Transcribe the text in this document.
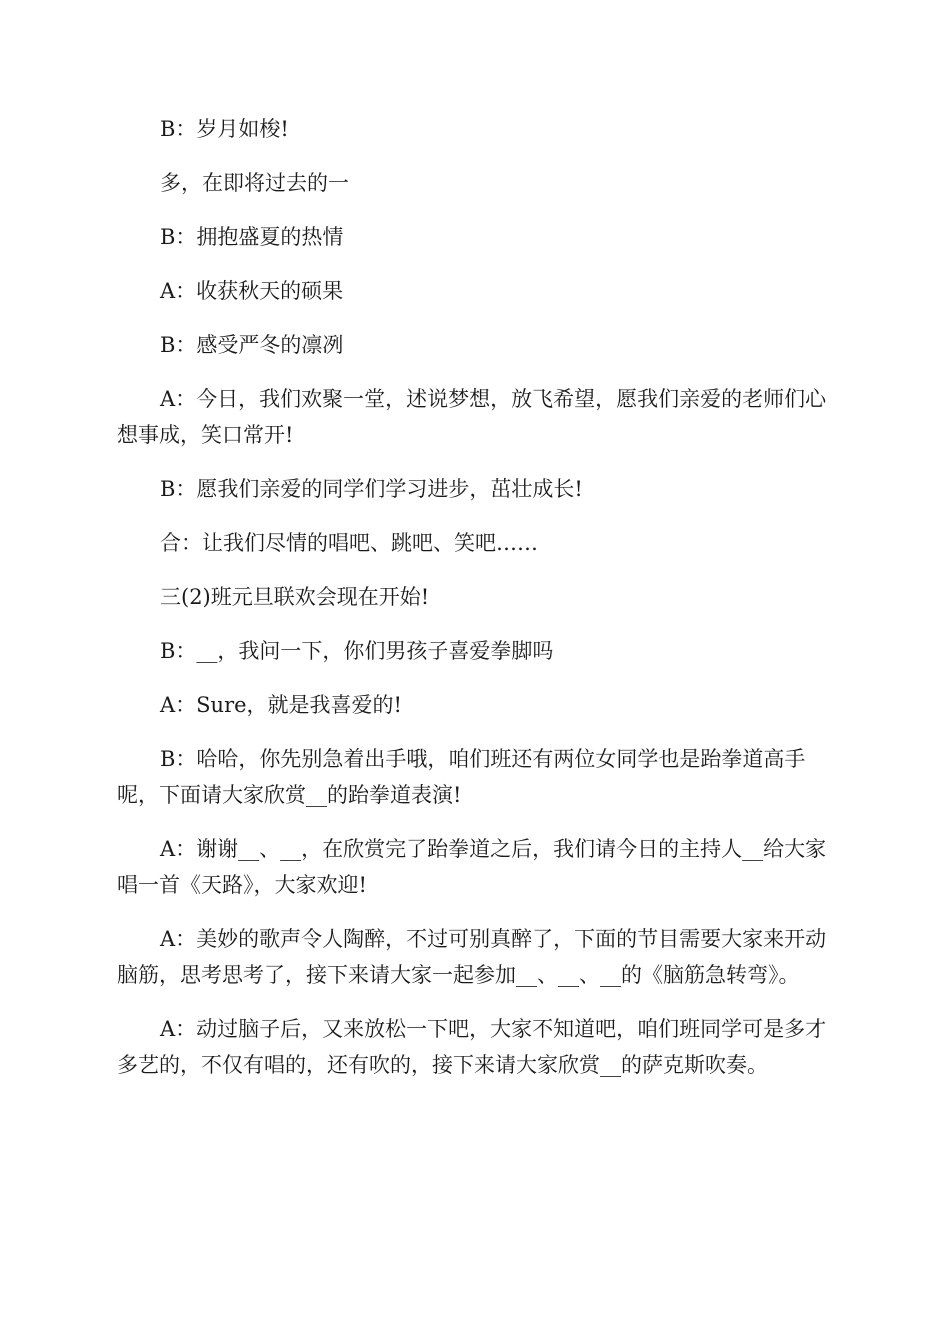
B：岁月如梭!

多，在即将过去的一

B：拥抱盛夏的热情

A：收获秋天的硕果

B：感受严冬的凛冽

A：今日，我们欢聚一堂，述说梦想，放飞希望，愿我们亲爱的老师们心想事成，笑口常开!

B：愿我们亲爱的同学们学习进步，茁壮成长!

合：让我们尽情的唱吧、跳吧、笑吧……

三(2)班元旦联欢会现在开始!

B：__，我问一下，你们男孩子喜爱拳脚吗

A：Sure，就是我喜爱的!

B：哈哈，你先别急着出手哦，咱们班还有两位女同学也是跆拳道高手呢，下面请大家欣赏__的跆拳道表演!

A：谢谢__、__，在欣赏完了跆拳道之后，我们请今日的主持人__给大家唱一首《天路》，大家欢迎!

A：美妙的歌声令人陶醉，不过可别真醉了，下面的节目需要大家来开动脑筋，思考思考了，接下来请大家一起参加__、__、__的《脑筋急转弯》。

A：动过脑子后，又来放松一下吧，大家不知道吧，咱们班同学可是多才多艺的，不仅有唱的，还有吹的，接下来请大家欣赏__的萨克斯吹奏。
